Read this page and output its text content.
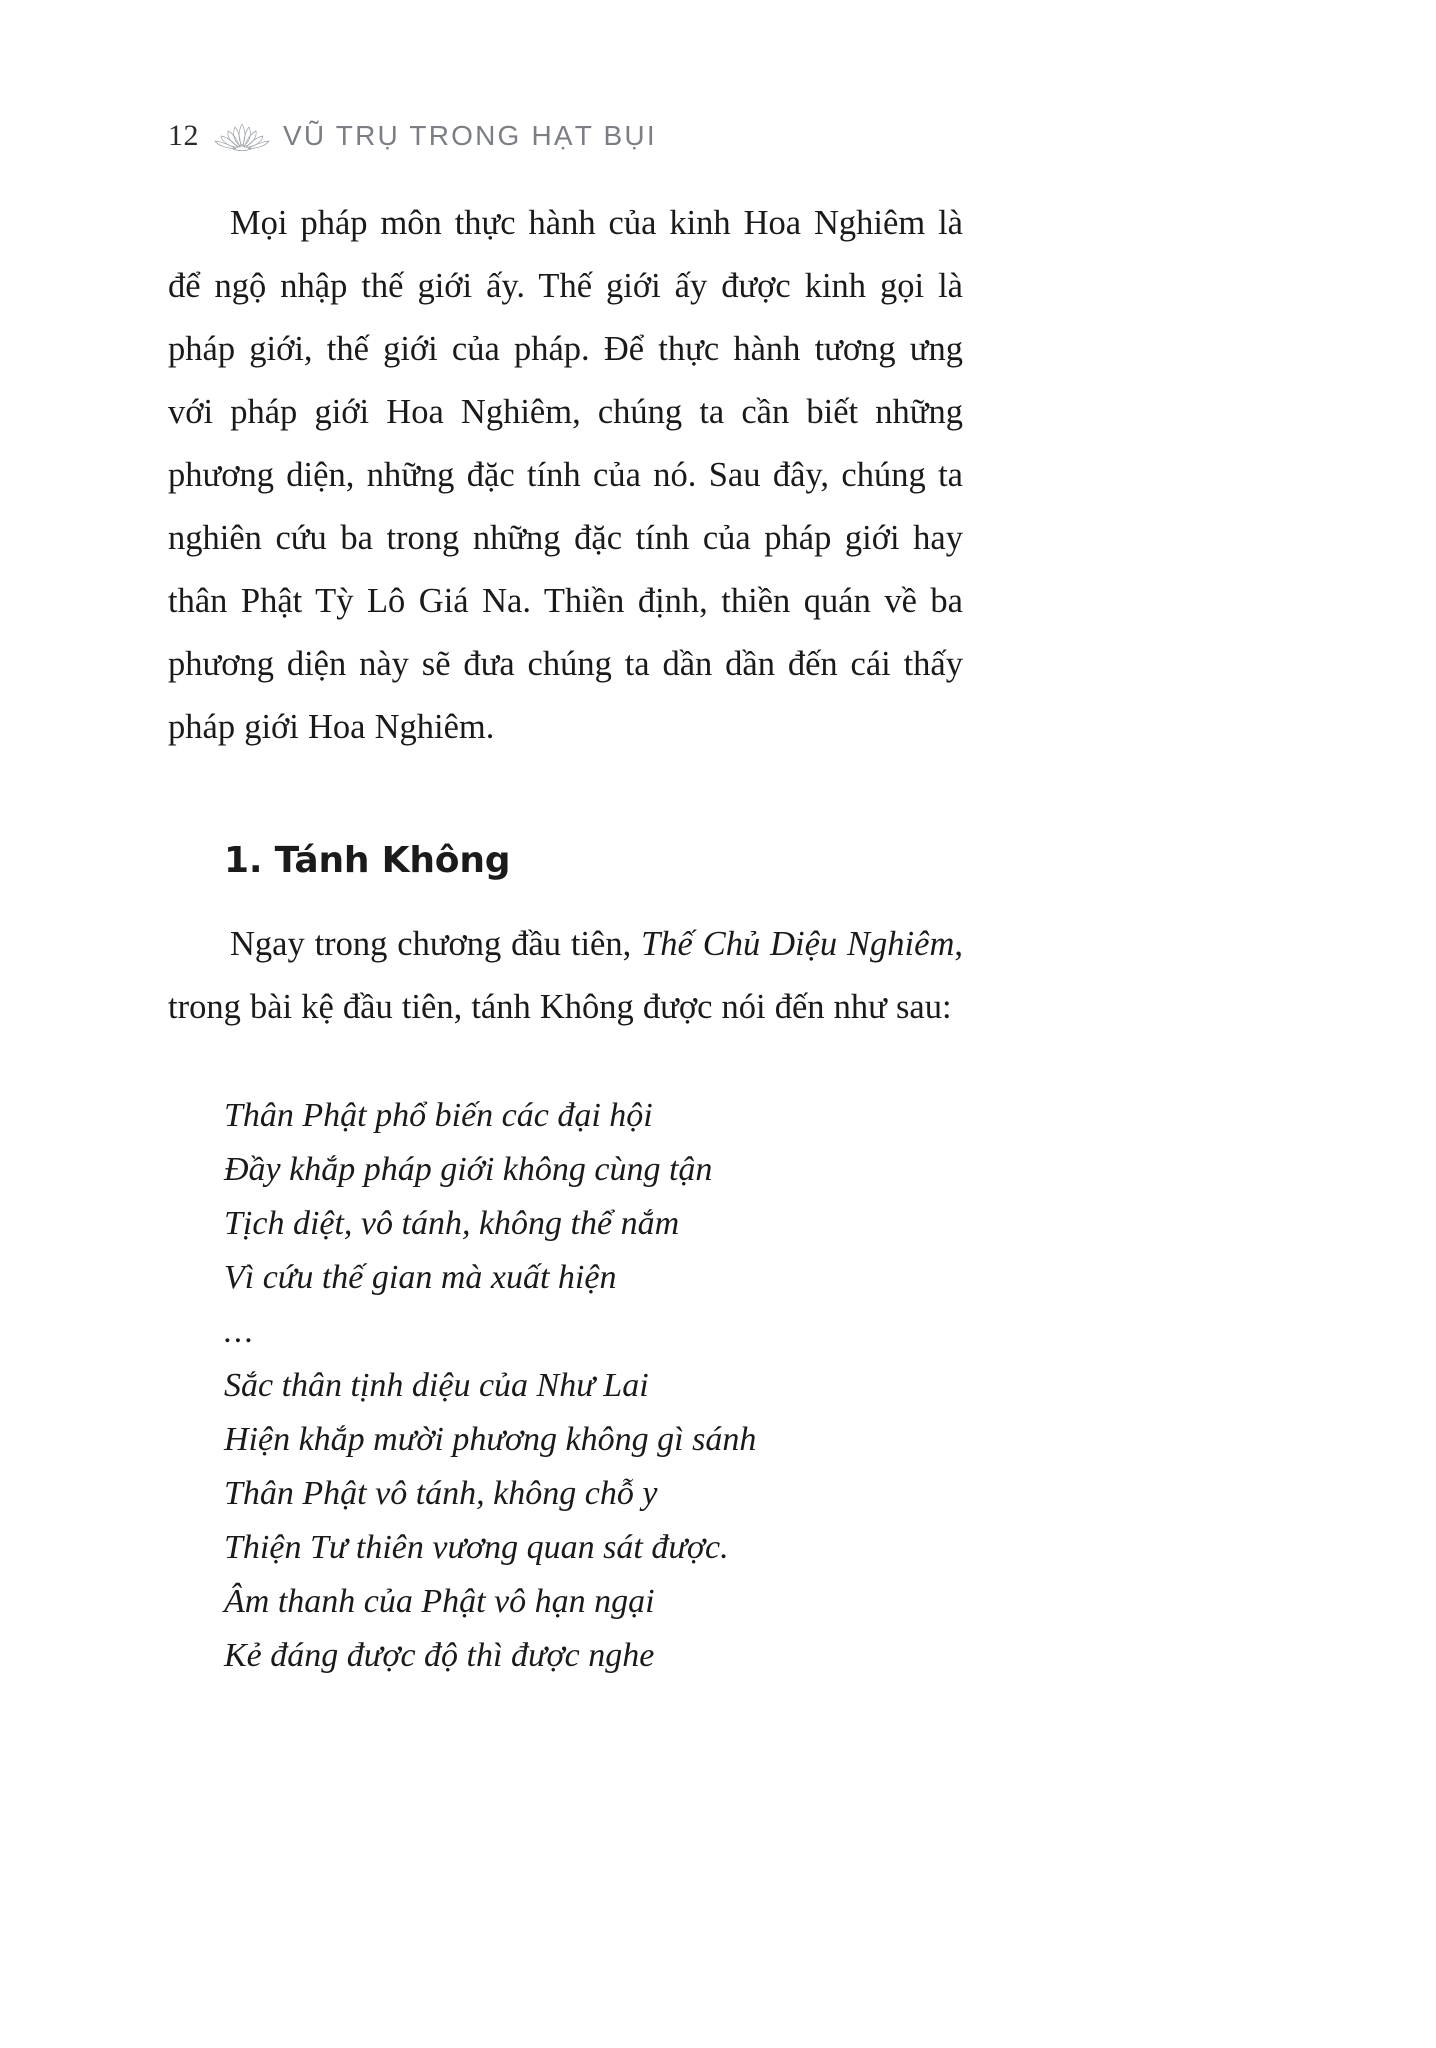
12	VŨ TRỤ TRONG HẠT BỤI

Mọi pháp môn thực hành của kinh Hoa Nghiêm là để ngộ nhập thế giới ấy. Thế giới ấy được kinh gọi là pháp giới, thế giới của pháp. Để thực hành tương ưng với pháp giới Hoa Nghiêm, chúng ta cần biết những phương diện, những đặc tính của nó. Sau đây, chúng ta nghiên cứu ba trong những đặc tính của pháp giới hay thân Phật Tỳ Lô Giá Na. Thiền định, thiền quán về ba phương diện này sẽ đưa chúng ta dần dần đến cái thấy pháp giới Hoa Nghiêm.

1. Tánh Không

Ngay trong chương đầu tiên, Thế Chủ Diệu Nghiêm, trong bài kệ đầu tiên, tánh Không được nói đến như sau:

Thân Phật phổ biến các đại hội
Đầy khắp pháp giới không cùng tận
Tịch diệt, vô tánh, không thể nắm
Vì cứu thế gian mà xuất hiện
...
Sắc thân tịnh diệu của Như Lai
Hiện khắp mười phương không gì sánh
Thân Phật vô tánh, không chỗ y
Thiện Tư thiên vương quan sát được.
Âm thanh của Phật vô hạn ngại
Kẻ đáng được độ thì được nghe
